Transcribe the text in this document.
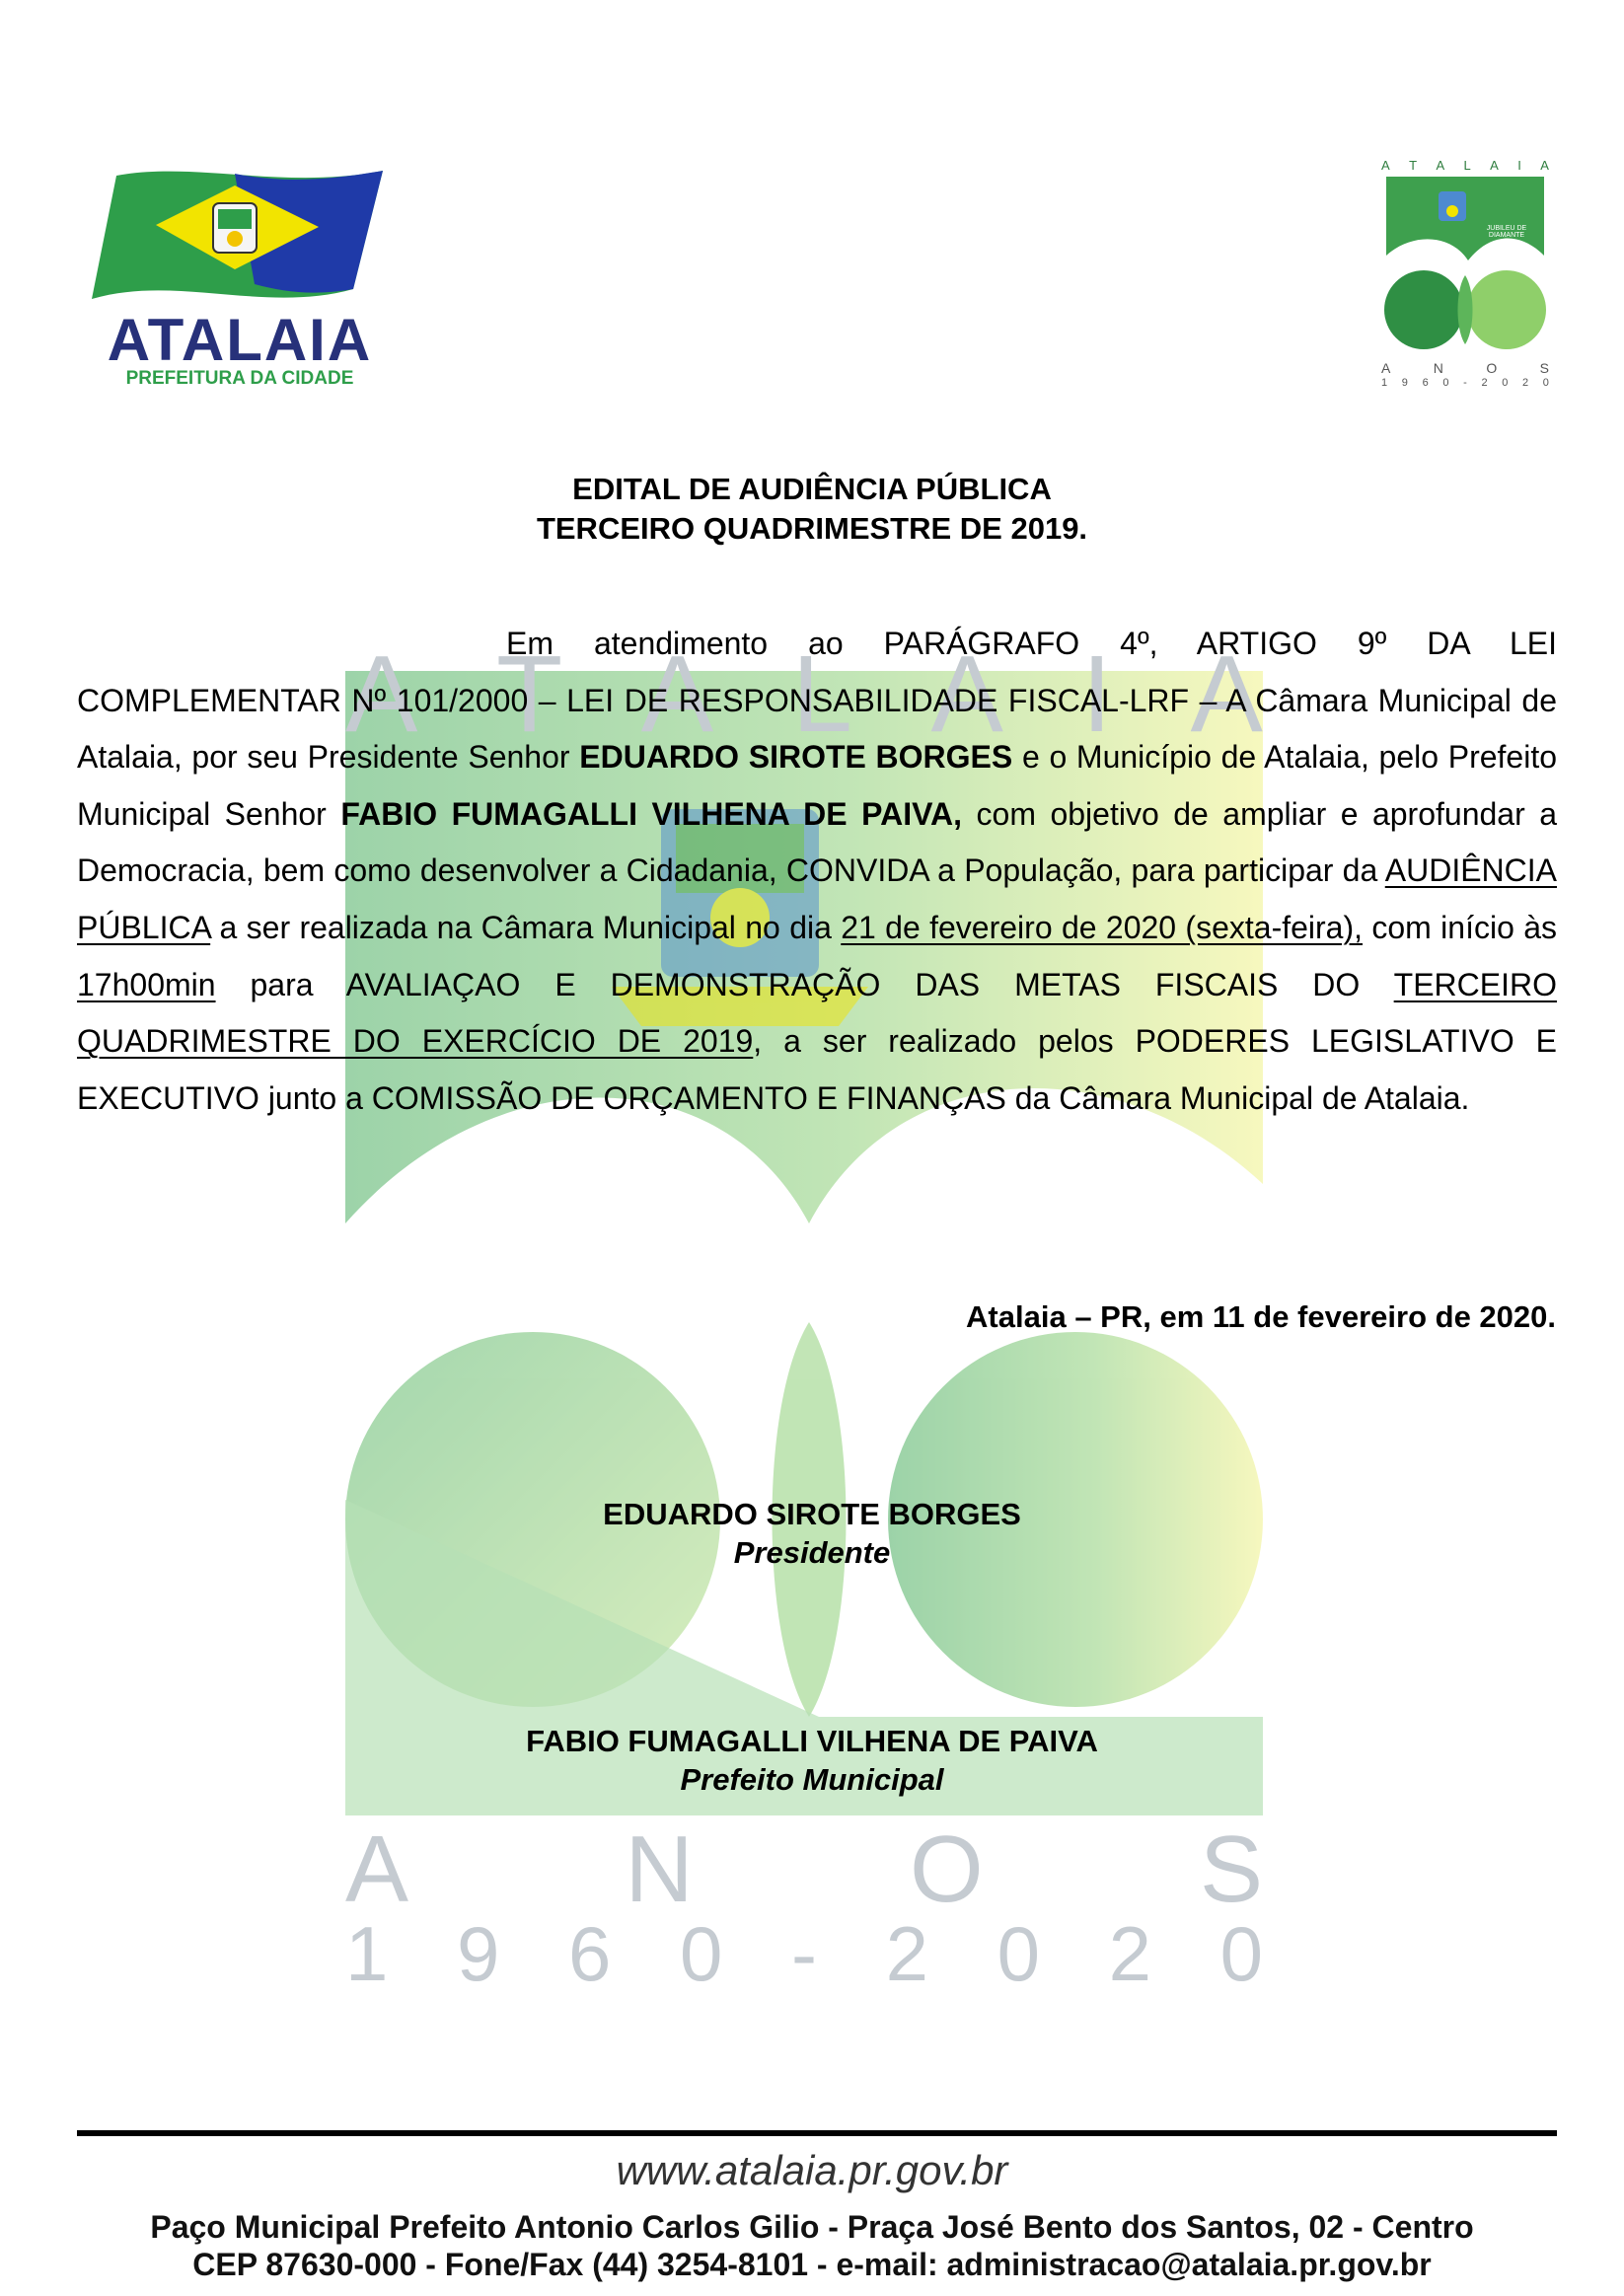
A T A L A I A
A N O S
1 9 6 0 - 2 0 2 0
ATALAIA
PREFEITURA DA CIDADE
A T A L A I A
JUBILEU DE DIAMANTE
A	N	O	S
1 9 6 0 - 2 0 2 0
EDITAL DE AUDIÊNCIA PÚBLICA
TERCEIRO QUADRIMESTRE DE 2019.
Em atendimento ao PARÁGRAFO 4º, ARTIGO 9º DA LEI COMPLEMENTAR Nº 101/2000 – LEI DE RESPONSABILIDADE FISCAL-LRF – A Câmara Municipal de Atalaia, por seu Presidente Senhor EDUARDO SIROTE BORGES e o Município de Atalaia, pelo Prefeito Municipal Senhor FABIO FUMAGALLI VILHENA DE PAIVA, com objetivo de ampliar e aprofundar a Democracia, bem como desenvolver a Cidadania, CONVIDA a População, para participar da AUDIÊNCIA PÚBLICA a ser realizada na Câmara Municipal no dia 21 de fevereiro de 2020 (sexta-feira), com início às 17h00min para AVALIAÇAO E DEMONSTRAÇÃO DAS METAS FISCAIS DO TERCEIRO QUADRIMESTRE DO EXERCÍCIO DE 2019, a ser realizado pelos PODERES LEGISLATIVO E EXECUTIVO junto a COMISSÃO DE ORÇAMENTO E FINANÇAS da Câmara Municipal de Atalaia.
Atalaia – PR, em 11 de fevereiro de 2020.
EDUARDO SIROTE BORGES
Presidente
FABIO FUMAGALLI VILHENA DE PAIVA
Prefeito Municipal
www.atalaia.pr.gov.br
Paço Municipal Prefeito Antonio Carlos Gilio - Praça José Bento dos Santos, 02 - Centro
CEP 87630-000 - Fone/Fax (44) 3254-8101 - e-mail: administracao@atalaia.pr.gov.br
